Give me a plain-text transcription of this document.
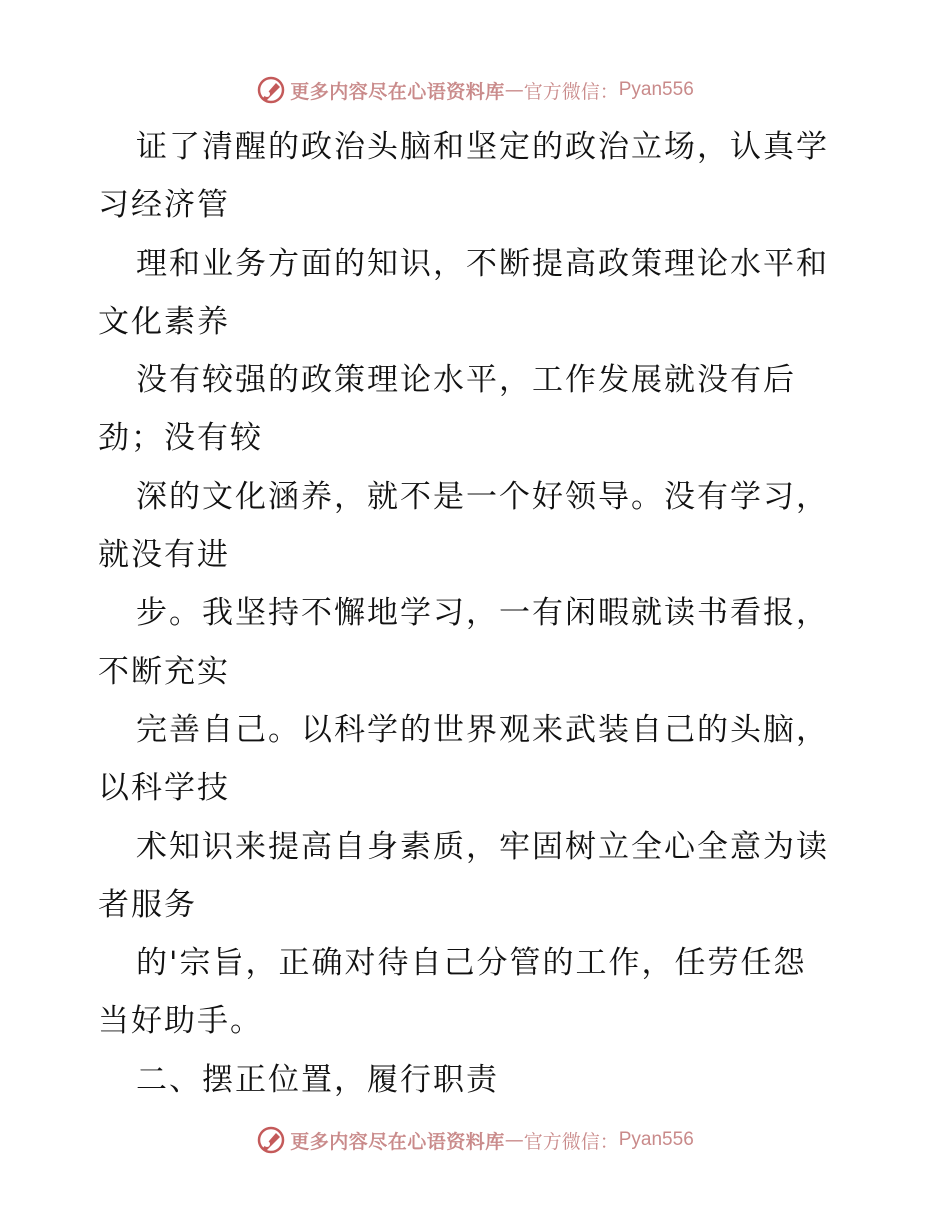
更多内容尽在心语资料库 — 官方微信： Pyan556
证了清醒的政治头脑和坚定的政治立场，认真学
习经济管
理和业务方面的知识，不断提高政策理论水平和
文化素养
没有较强的政策理论水平，工作发展就没有后
劲；没有较
深的文化涵养，就不是一个好领导。没有学习，
就没有进
步。我坚持不懈地学习，一有闲暇就读书看报，
不断充实
完善自己。以科学的世界观来武装自己的头脑，
以科学技
术知识来提高自身素质，牢固树立全心全意为读
者服务
的'宗旨，正确对待自己分管的工作，任劳任怨
当好助手。
二、摆正位置，履行职责
更多内容尽在心语资料库 — 官方微信： Pyan556
